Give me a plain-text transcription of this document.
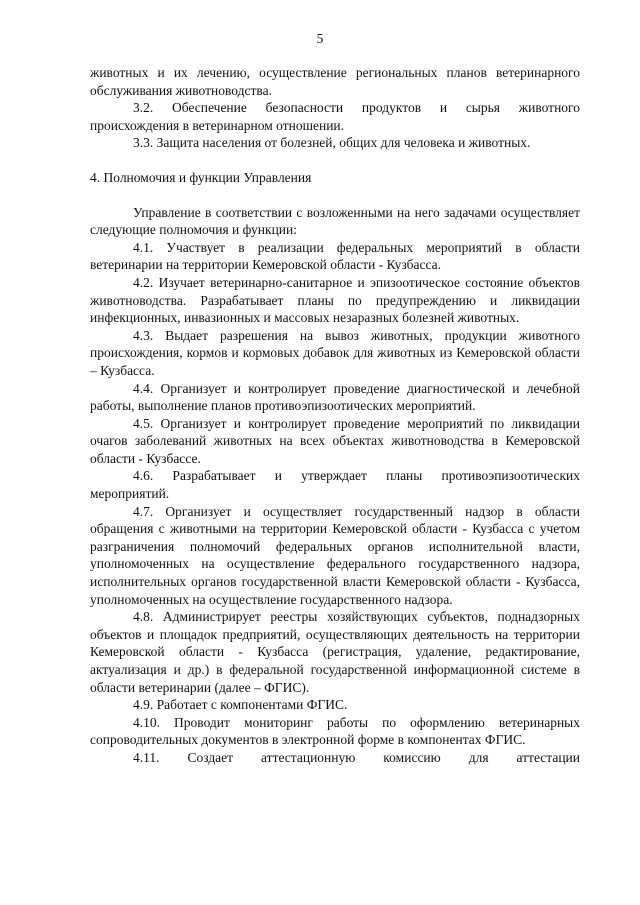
5

животных и их лечению, осуществление региональных планов ветеринарного обслуживания животноводства.

3.2. Обеспечение безопасности продуктов и сырья животного происхождения в ветеринарном отношении.

3.3. Защита населения от болезней, общих для человека и животных.

4. Полномочия и функции Управления

Управление в соответствии с возложенными на него задачами осуществляет следующие полномочия и функции:

4.1. Участвует в реализации федеральных мероприятий в области ветеринарии на территории Кемеровской области - Кузбасса.

4.2. Изучает ветеринарно-санитарное и эпизоотическое состояние объектов животноводства. Разрабатывает планы по предупреждению и ликвидации инфекционных, инвазионных и массовых незаразных болезней животных.

4.3. Выдает разрешения на вывоз животных, продукции животного происхождения, кормов и кормовых добавок для животных из Кемеровской области – Кузбасса.

4.4. Организует и контролирует проведение диагностической и лечебной работы, выполнение планов противоэпизоотических мероприятий.

4.5. Организует и контролирует проведение мероприятий по ликвидации очагов заболеваний животных на всех объектах животноводства в Кемеровской области - Кузбассе.

4.6. Разрабатывает и утверждает планы противоэпизоотических мероприятий.

4.7. Организует и осуществляет государственный надзор в области обращения с животными на территории Кемеровской области - Кузбасса с учетом разграничения полномочий федеральных органов исполнительной власти, уполномоченных на осуществление федерального государственного надзора, исполнительных органов государственной власти Кемеровской области - Кузбасса, уполномоченных на осуществление государственного надзора.

4.8. Администрирует реестры хозяйствующих субъектов, поднадзорных объектов и площадок предприятий, осуществляющих деятельность на территории Кемеровской области - Кузбасса (регистрация, удаление, редактирование, актуализация и др.) в федеральной государственной информационной системе в области ветеринарии (далее – ФГИС).

4.9. Работает с компонентами ФГИС.

4.10. Проводит мониторинг работы по оформлению ветеринарных сопроводительных документов в электронной форме в компонентах ФГИС.

4.11. Создает аттестационную комиссию для аттестации
